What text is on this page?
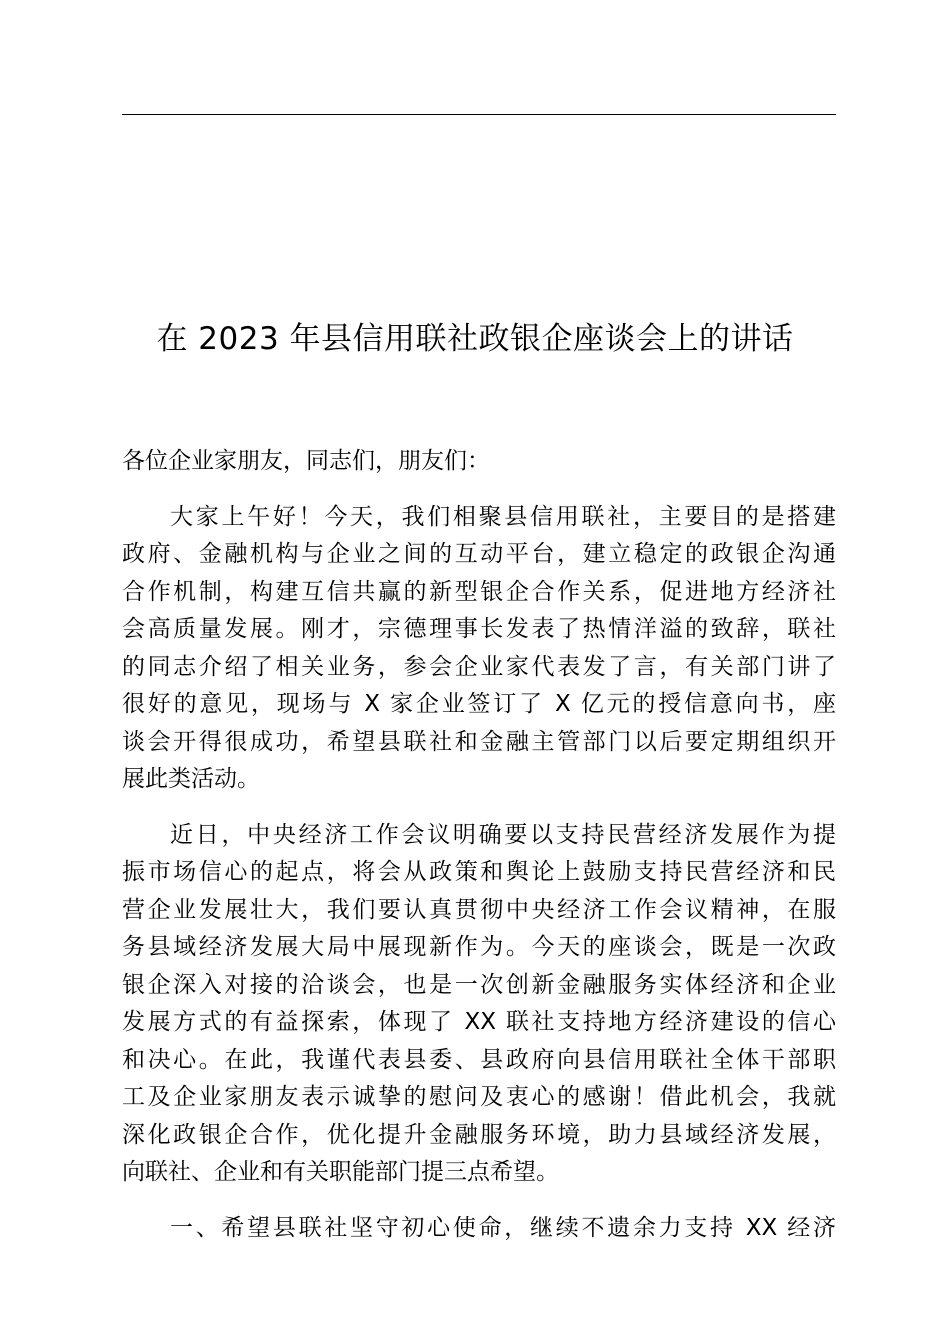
在 2023 年县信用联社政银企座谈会上的讲话
各位企业家朋友，同志们，朋友们：
大家上午好！今天，我们相聚县信用联社，主要目的是搭建
政府、金融机构与企业之间的互动平台，建立稳定的政银企沟通
合作机制，构建互信共赢的新型银企合作关系，促进地方经济社
会高质量发展。刚才，宗德理事长发表了热情洋溢的致辞，联社
的同志介绍了相关业务，参会企业家代表发了言，有关部门讲了
很好的意见，现场与 X 家企业签订了 X 亿元的授信意向书，座
谈会开得很成功，希望县联社和金融主管部门以后要定期组织开
展此类活动。
近日，中央经济工作会议明确要以支持民营经济发展作为提
振市场信心的起点，将会从政策和舆论上鼓励支持民营经济和民
营企业发展壮大，我们要认真贯彻中央经济工作会议精神，在服
务县域经济发展大局中展现新作为。今天的座谈会，既是一次政
银企深入对接的洽谈会，也是一次创新金融服务实体经济和企业
发展方式的有益探索，体现了 XX 联社支持地方经济建设的信心
和决心。在此，我谨代表县委、县政府向县信用联社全体干部职
工及企业家朋友表示诚挚的慰问及衷心的感谢！借此机会，我就
深化政银企合作，优化提升金融服务环境，助力县域经济发展，
向联社、企业和有关职能部门提三点希望。
一、希望县联社坚守初心使命，继续不遗余力支持 XX 经济
